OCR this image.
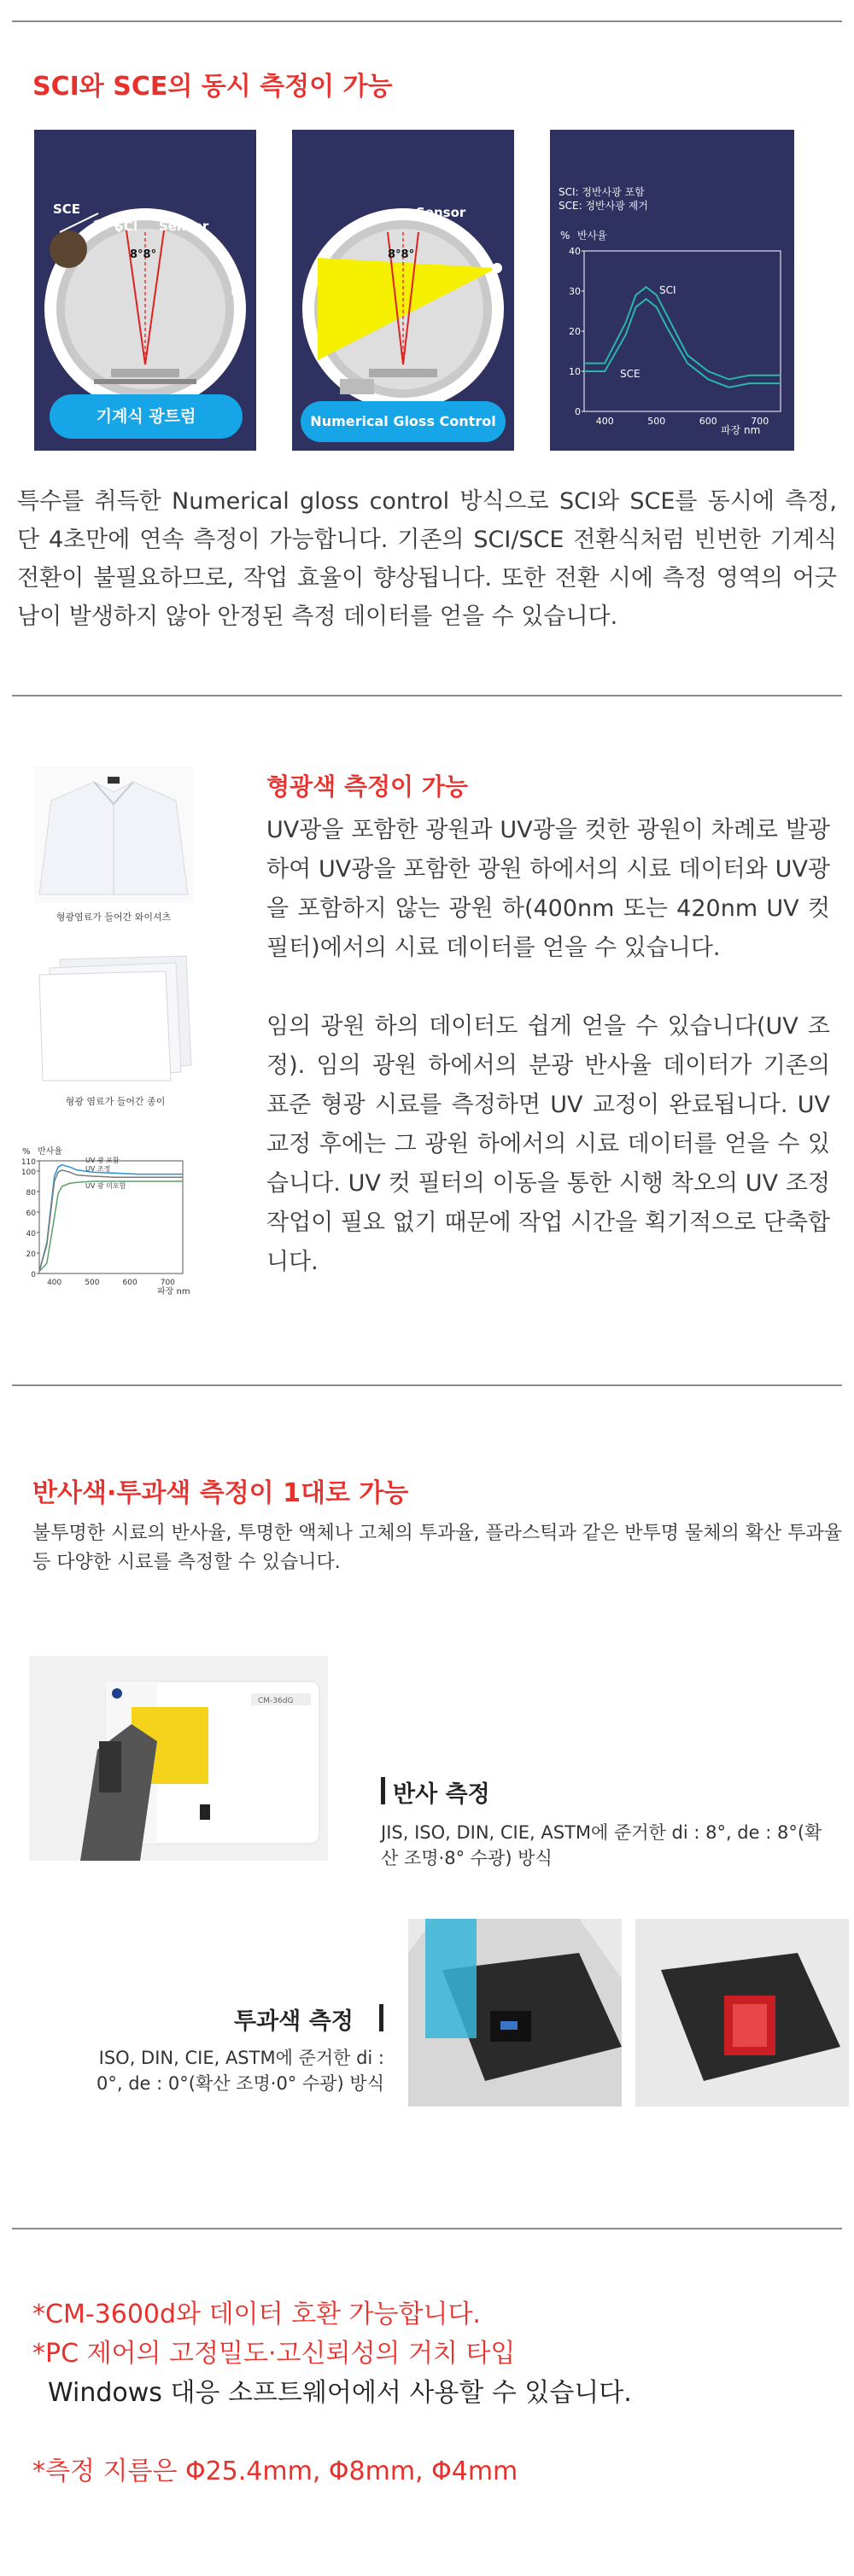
SCI와 SCE의 동시 측정이 가능
SCE
SCI Sensor
8°8°
기계식 광트럼
Sensor
8°8°
Numerical Gloss Control
SCI: 정반사광 포함
SCE: 정반사광 제거
% 반사율
파장 nm
0
10
20
30
40
400	500	600	700
SCI
SCE
특수를 취득한 Numerical gloss control 방식으로 SCI와 SCE를 동시에 측정, 단 4초만에 연속 측정이 가능합니다. 기존의 SCI/SCE 전환식처럼 빈번한 기계식 전환이 불필요하므로, 작업 효율이 향상됩니다. 또한 전환 시에 측정 영역의 어긋남이 발생하지 않아 안정된 측정 데이터를 얻을 수 있습니다.
형광염료가 들어간 와이셔츠
형광 염료가 들어간 종이
% 반사율
파장 nm
0
20
40
60
80
100
110
400	500	600	700
UV 광 포함
UV 조정
UV 광 미포함
형광색 측정이 가능
UV광을 포함한 광원과 UV광을 컷한 광원이 차례로 발광하여 UV광을 포함한 광원 하에서의 시료 데이터와 UV광을 포함하지 않는 광원 하(400nm 또는 420nm UV 컷 필터)에서의 시료 데이터를 얻을 수 있습니다.
임의 광원 하의 데이터도 쉽게 얻을 수 있습니다(UV 조정). 임의 광원 하에서의 분광 반사율 데이터가 기존의 표준 형광 시료를 측정하면 UV 교정이 완료됩니다. UV 교정 후에는 그 광원 하에서의 시료 데이터를 얻을 수 있습니다. UV 컷 필터의 이동을 통한 시행 착오의 UV 조정 작업이 필요 없기 때문에 작업 시간을 획기적으로 단축합니다.
반사색·투과색 측정이 1대로 가능
불투명한 시료의 반사율, 투명한 액체나 고체의 투과율, 플라스틱과 같은 반투명 물체의 확산 투과율 등 다양한 시료를 측정할 수 있습니다.
CM-36dG
반사 측정
JIS, ISO, DIN, CIE, ASTM에 준거한 di : 8°, de : 8°(확산 조명·8° 수광) 방식
투과색 측정
ISO, DIN, CIE, ASTM에 준거한 di : 0°, de : 0°(확산 조명·0° 수광) 방식
*CM-3600d와 데이터 호환 가능합니다.
*PC 제어의 고정밀도·고신뢰성의 거치 타입
Windows 대응 소프트웨어에서 사용할 수 있습니다.
*측정 지름은 Φ25.4mm, Φ8mm, Φ4mm
